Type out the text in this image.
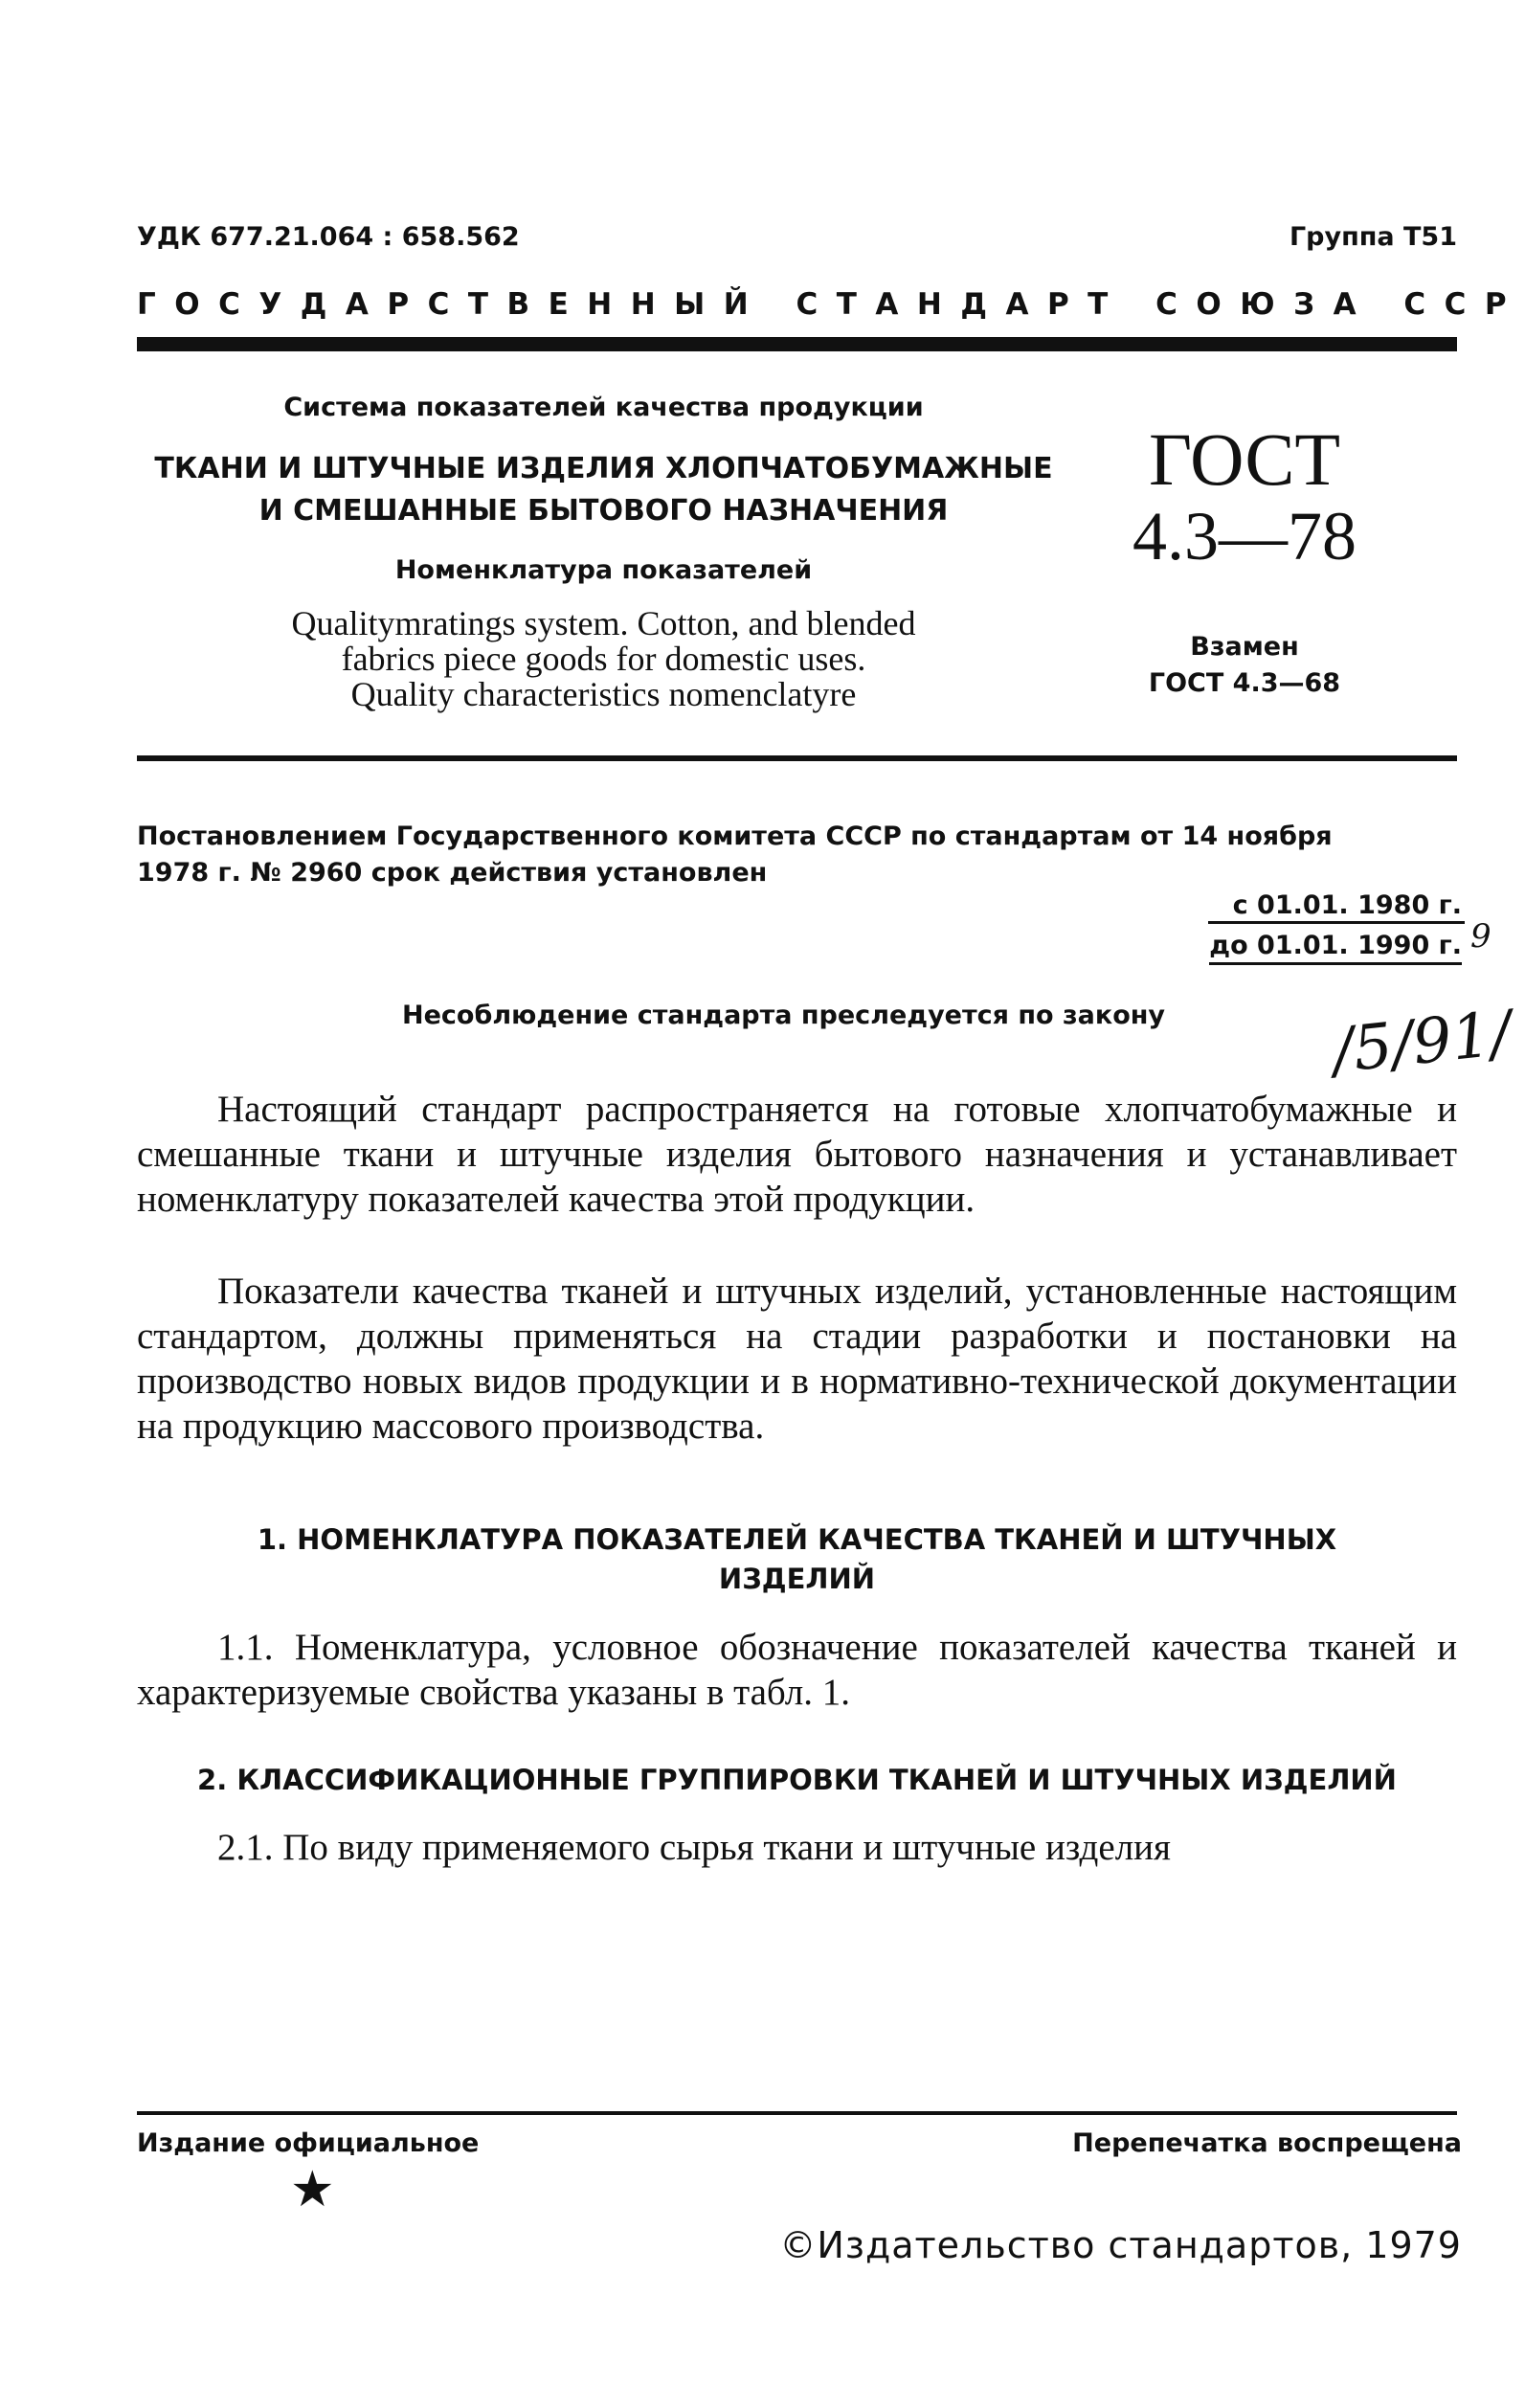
УДК 677.21.064 : 658.562	Группа Т51
ГОСУДАРСТВЕННЫЙ СТАНДАРТ СОЮЗА ССР
Система показателей качества продукции
ТКАНИ И ШТУЧНЫЕ ИЗДЕЛИЯ ХЛОПЧАТОБУМАЖНЫЕ
И СМЕШАННЫЕ БЫТОВОГО НАЗНАЧЕНИЯ
Номенклатура показателей
Qualitymratings system. Cotton, and blended
fabrics piece goods for domestic uses.
Quality characteristics nomenclatyre
ГОСТ
4.3—78
Взамен
ГОСТ 4.3—68
Постановлением Государственного комитета СССР по стандартам от 14 ноября
1978 г. № 2960 срок действия установлен
с 01.01. 1980 г.
до 01.01. 1990 г. 9
/5/91/
Несоблюдение стандарта преследуется по закону
Настоящий стандарт распространяется на готовые хлопчатобумажные и смешанные ткани и штучные изделия бытового назначения и устанавливает номенклатуру показателей качества этой продукции.
Показатели качества тканей и штучных изделий, установленные настоящим стандартом, должны применяться на стадии разработки и постановки на производство новых видов продукции и в нормативно-технической документации на продукцию массового производства.
1. НОМЕНКЛАТУРА ПОКАЗАТЕЛЕЙ КАЧЕСТВА ТКАНЕЙ И ШТУЧНЫХ
ИЗДЕЛИЙ
1.1. Номенклатура, условное обозначение показателей качества тканей и характеризуемые свойства указаны в табл. 1.
2. КЛАССИФИКАЦИОННЫЕ ГРУППИРОВКИ ТКАНЕЙ И ШТУЧНЫХ ИЗДЕЛИЙ
2.1. По виду применяемого сырья ткани и штучные изделия
Издание официальное	Перепечатка воспрещена
★
©Издательство стандартов, 1979
